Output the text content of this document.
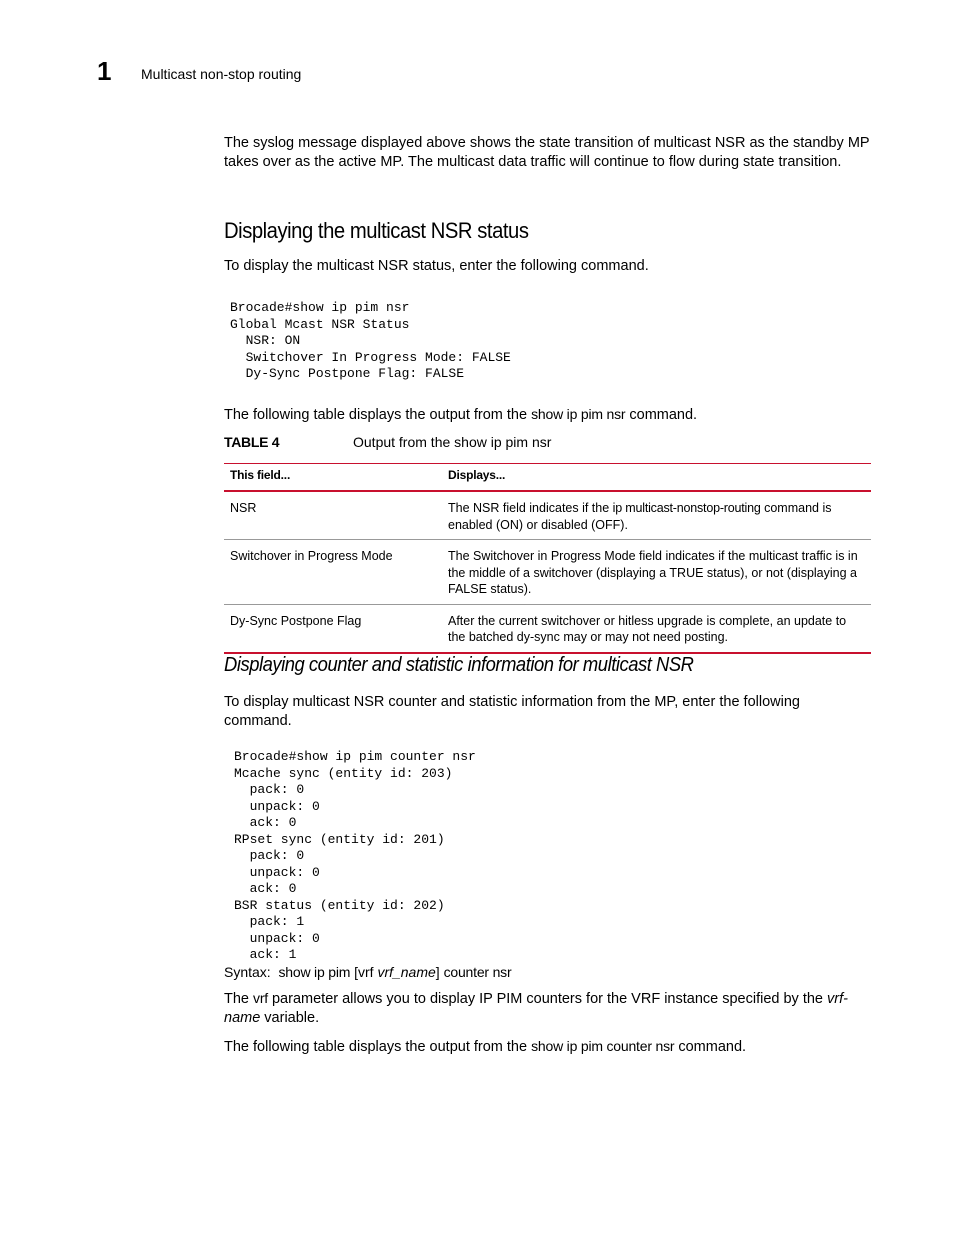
1 Multicast non-stop routing

The syslog message displayed above shows the state transition of multicast NSR as the standby MP takes over as the active MP. The multicast data traffic will continue to flow during state transition.

Displaying the multicast NSR status

To display the multicast NSR status, enter the following command.

Brocade#show ip pim nsr
Global Mcast NSR Status
NSR: ON
Switchover In Progress Mode: FALSE
Dy-Sync Postpone Flag: FALSE

The following table displays the output from the show ip pim nsr command.

TABLE 4	Output from the show ip pim nsr
This field...	Displays...
NSR	The NSR field indicates if the ip multicast-nonstop-routing command is enabled (ON) or disabled (OFF).
Switchover in Progress Mode	The Switchover in Progress Mode field indicates if the multicast traffic is in the middle of a switchover (displaying a TRUE status), or not (displaying a FALSE status).
Dy-Sync Postpone Flag	After the current switchover or hitless upgrade is complete, an update to the batched dy-sync may or may not need posting.
Displaying counter and statistic information for multicast NSR

To display multicast NSR counter and statistic information from the MP, enter the following command.

Brocade#show ip pim counter nsr
Mcache sync (entity id: 203)
pack: 0
unpack: 0
ack: 0
RPset sync (entity id: 201)
pack: 0
unpack: 0
ack: 0
BSR status (entity id: 202)
pack: 1
unpack: 0
ack: 1

Syntax: show ip pim [vrf vrf_name] counter nsr

The vrf parameter allows you to display IP PIM counters for the VRF instance specified by the vrf-name variable.

The following table displays the output from the show ip pim counter nsr command.
